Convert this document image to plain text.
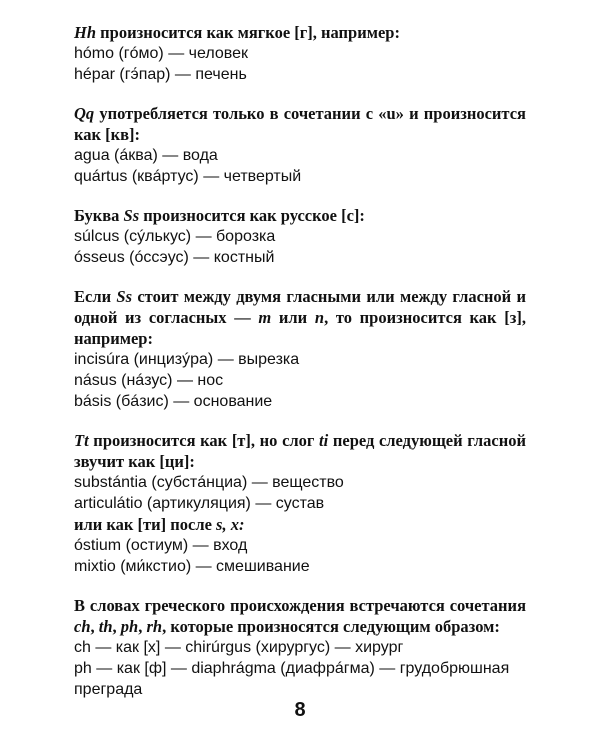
Hh произносится как мягкое [г], например:

hómo (гóмо) — человек

hépar (гэ́пар) — печень

Qq употребляется только в сочетании с «u» и произносится как [кв]:

agua (áква) — вода

quártus (квáртус) — четвертый

Буква Ss произносится как русское [c]:

súlcus (сýлькус) — борозка

ósseus (óссэус) — костный

Если Ss стоит между двумя гласными или между гласной и одной из согласных — m или n, то произносится как [з], например:

incisúra (инцизýра) — вырезка

násus (нáзус) — нос

básis (бáзис) — основание

Tt произносится как [т], но слог ti перед следующей гласной звучит как [ци]:

substántia (субстáнциа) — вещество

articulátio (артикуляция) — сустав

или как [ти] после s, x:

óstium (остиум) — вход

mixtio (ми́кстио) — смешивание

В словах греческого происхождения встречаются сочетания ch, th, ph, rh, которые произносятся следующим образом:

ch — как [х] — chirúrgus (хирургус) — хирург

ph — как [ф] — diaphrágma (диафрáгма) — грудобрюшная преграда

8
